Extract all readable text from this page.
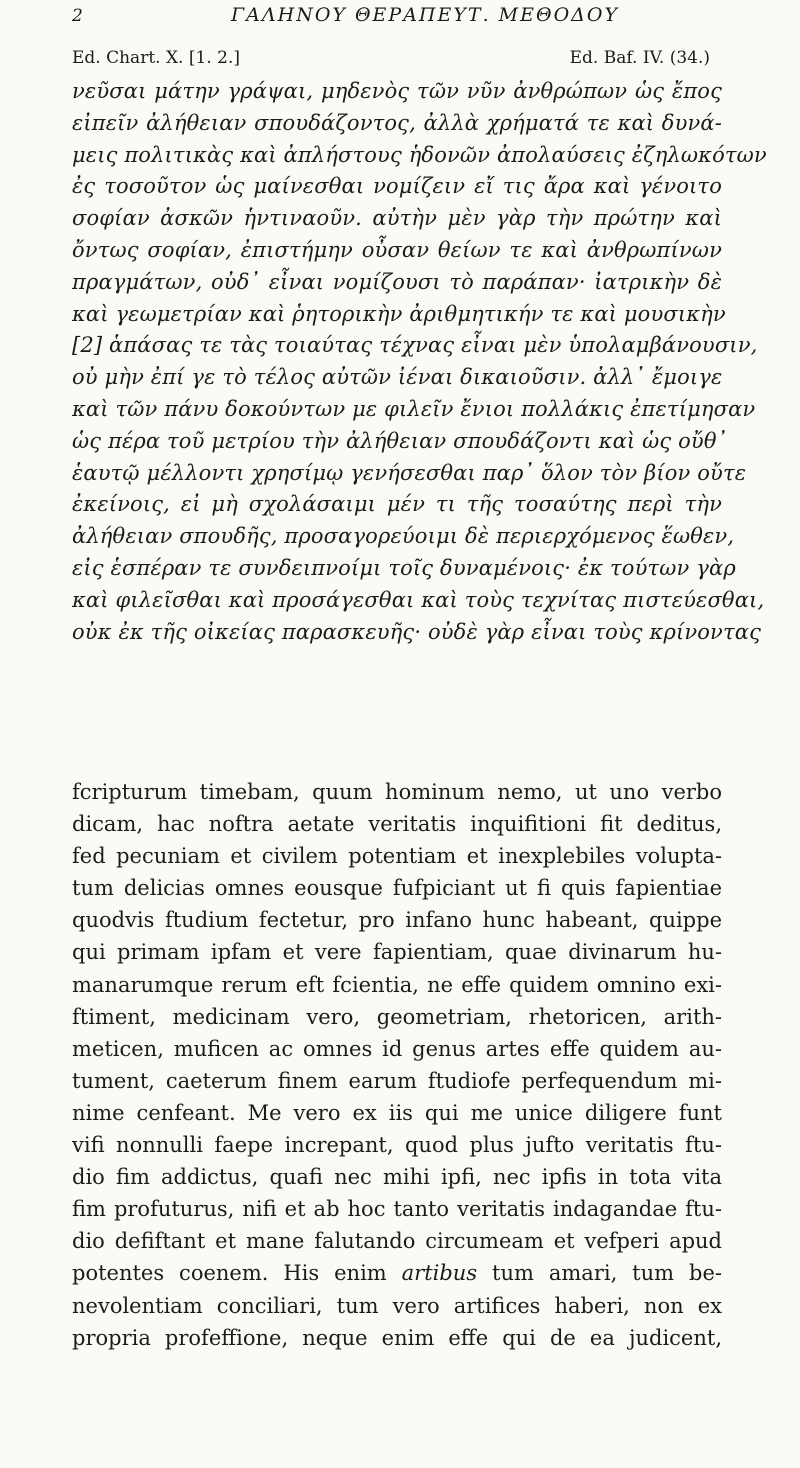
2	ΓΑΛΗΝΟΥ ΘΕΡΑΠΕΥΤ. ΜΕΘΟΔΟΥ
Ed. Chart. X. [1. 2.]	Ed. Baf. IV. (34.)
νεῦσαι μάτην γράψαι, μηδενὸς τῶν νῦν ἀνθρώπων ὡς ἔπος
εἰπεῖν ἀλήθειαν σπουδάζοντος, ἀλλὰ χρήματά τε καὶ δυνά-
μεις πολιτικὰς καὶ ἀπλήστους ἡδονῶν ἀπολαύσεις ἐζηλωκότων
ἐς τοσοῦτον ὡς μαίνεσθαι νομίζειν εἴ τις ἄρα καὶ γένοιτο
σοφίαν ἀσκῶν ἡντιναοῦν. αὐτὴν μὲν γὰρ τὴν πρώτην καὶ
ὄντως σοφίαν, ἐπιστήμην οὖσαν θείων τε καὶ ἀνθρωπίνων
πραγμάτων, οὐδ᾽ εἶναι νομίζουσι τὸ παράπαν· ἰατρικὴν δὲ
καὶ γεωμετρίαν καὶ ῥητορικὴν ἀριθμητικήν τε καὶ μουσικὴν
[2] ἁπάσας τε τὰς τοιαύτας τέχνας εἶναι μὲν ὑπολαμβάνουσιν,
οὐ μὴν ἐπί γε τὸ τέλος αὐτῶν ἰέναι δικαιοῦσιν. ἀλλ᾽ ἔμοιγε
καὶ τῶν πάνυ δοκούντων με φιλεῖν ἔνιοι πολλάκις ἐπετίμησαν
ὡς πέρα τοῦ μετρίου τὴν ἀλήθειαν σπουδάζοντι καὶ ὡς οὔθ᾽
ἑαυτῷ μέλλοντι χρησίμῳ γενήσεσθαι παρ᾽ ὅλον τὸν βίον οὔτε
ἐκείνοις, εἰ μὴ σχολάσαιμι μέν τι τῆς τοσαύτης περὶ τὴν
ἀλήθειαν σπουδῆς, προσαγορεύοιμι δὲ περιερχόμενος ἕωθεν,
εἰς ἑσπέραν τε συνδειπνοίμι τοῖς δυναμένοις· ἐκ τούτων γὰρ
καὶ φιλεῖσθαι καὶ προσάγεσθαι καὶ τοὺς τεχνίτας πιστεύεσθαι,
οὐκ ἐκ τῆς οἰκείας παρασκευῆς· οὐδὲ γὰρ εἶναι τοὺς κρίνοντας
fcripturum timebam, quum hominum nemo, ut uno verbo
dicam, hac noftra aetate veritatis inquifitioni fit deditus,
fed pecuniam et civilem potentiam et inexplebiles volupta-
tum delicias omnes eousque fufpiciant ut fi quis fapientiae
quodvis ftudium fectetur, pro infano hunc habeant, quippe
qui primam ipfam et vere fapientiam, quae divinarum hu-
manarumque rerum eft fcientia, ne effe quidem omnino exi-
ftiment, medicinam vero, geometriam, rhetoricen, arith-
meticen, muficen ac omnes id genus artes effe quidem au-
tument, caeterum finem earum ftudiofe perfequendum mi-
nime cenfeant. Me vero ex iis qui me unice diligere funt
vifi nonnulli faepe increpant, quod plus jufto veritatis ftu-
dio fim addictus, quafi nec mihi ipfi, nec ipfis in tota vita
fim profuturus, nifi et ab hoc tanto veritatis indagandae ftu-
dio defiftant et mane falutando circumeam et vefperi apud
potentes coenem. His enim artibus tum amari, tum be-
nevolentiam conciliari, tum vero artifices haberi, non ex
propria profeffione, neque enim effe qui de ea judicent,
